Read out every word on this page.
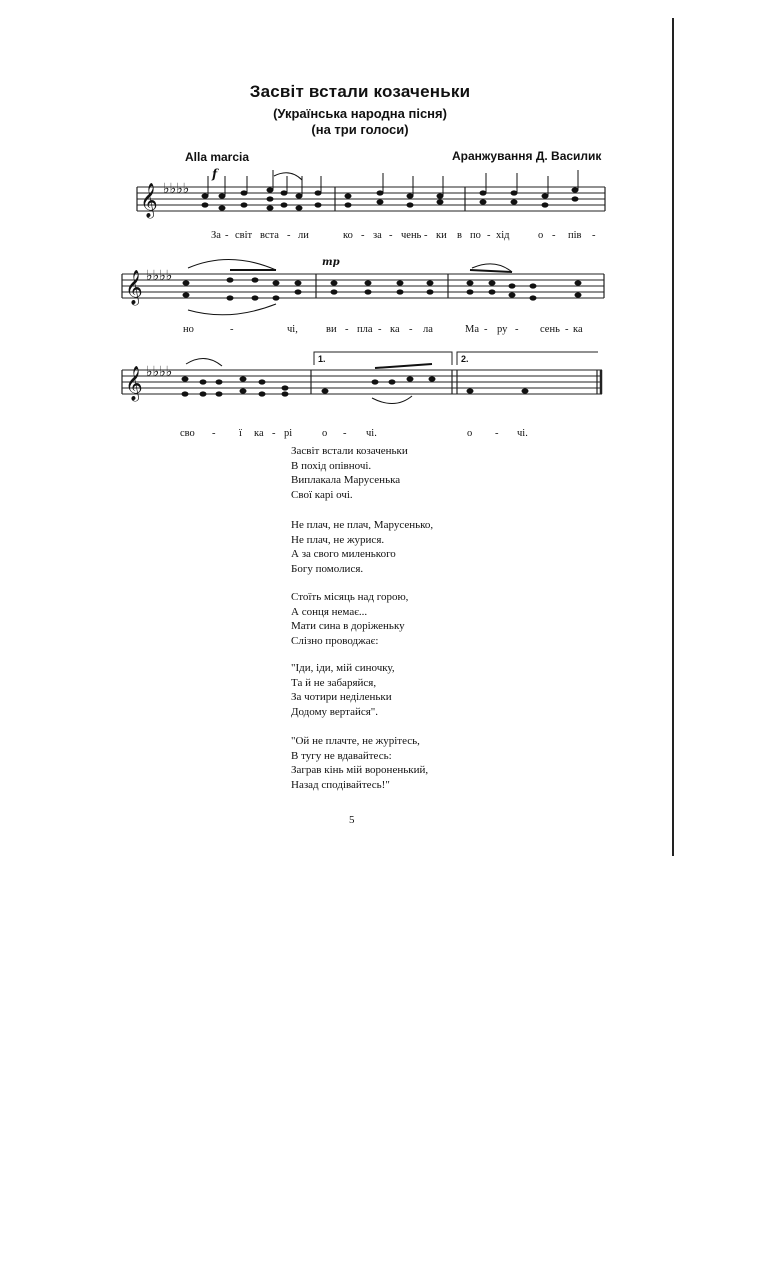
Засвіт встали козаченьки
(Українська народна пісня)
(на три голоси)
Alla marcia	Аранжування Д. Василик
𝄞
𝄞
𝄞
♭♭♭♭
♭♭♭♭
♭♭♭♭
f
mp
1.	2.
За - світ вста - ли	ко - за - чень - ки в по - хід	о - пів -
но	-	чі,	ви - пла - ка - ла	Ма - ру - сень - ка
сво - ї ка - рі	о - чі.	о - чі.
Засвіт встали козаченьки
В похід опівночі.
Виплакала Марусенька
Свої карі очі.
Не плач, не плач, Марусенько,
Не плач, не журися.
А за свого миленького
Богу помолися.
Стоїть місяць над горою,
А сонця немає...
Мати сина в доріженьку
Слізно проводжає:
"Іди, іди, мій синочку,
Та й не забаряйся,
За чотири неділеньки
Додому вертайся".
"Ой не плачте, не журітесь,
В тугу не вдавайтесь:
Заграв кінь мій вороненький,
Назад сподівайтесь!"
5
